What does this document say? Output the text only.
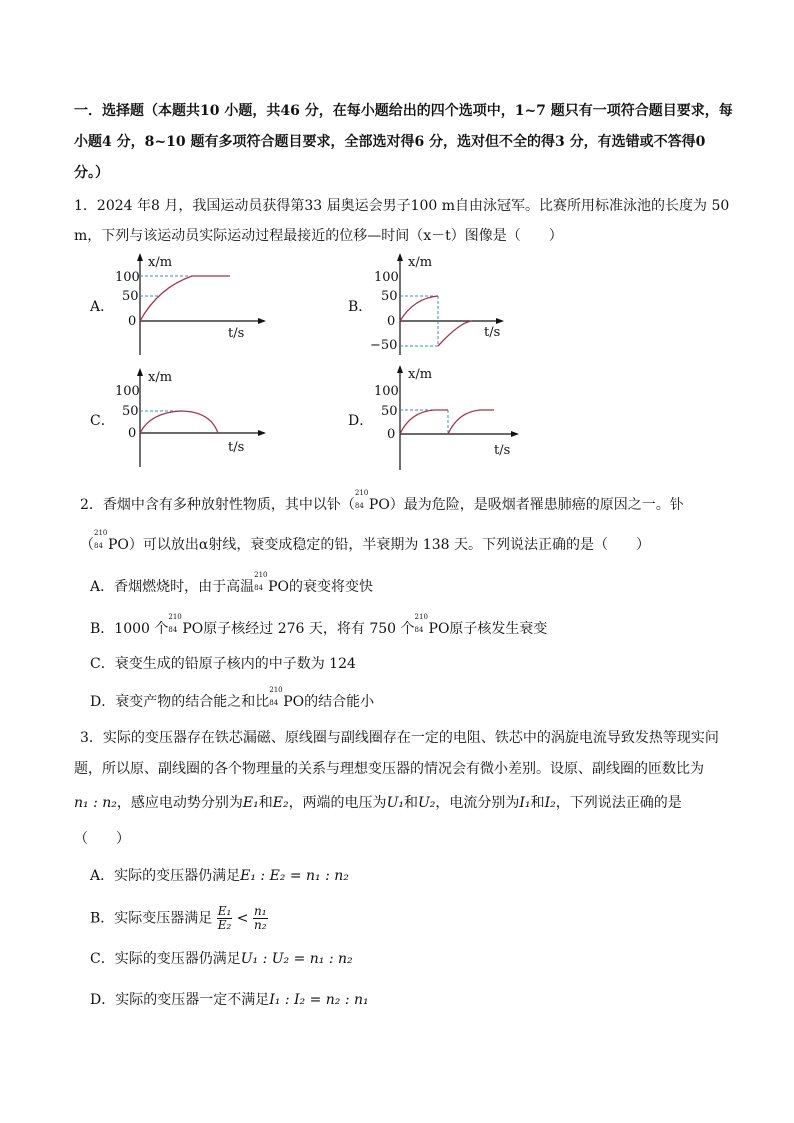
一．选择题（本题共10 小题，共46 分，在每小题给出的四个选项中，1~7 题只有一项符合题目要求，每
小题4 分，8~10 题有多项符合题目要求，全部选对得6 分，选对但不全的得3 分，有选错或不答得0
分。）
1．2024 年8 月，我国运动员获得第33 届奥运会男子100 m自由泳冠军。比赛所用标准泳池的长度为 50
m，下列与该运动员实际运动过程最接近的位移—时间（x－t）图像是（　　）
A．
x/m
t/s
100
50
0
B．
x/m
t/s
100
50
0
−50
C．
x/m
t/s
100
50
0
D．
x/m
t/s
100
50
0
2．香烟中含有多种放射性物质，其中以钋（
210
84 PO）最为危险，是吸烟者罹患肺癌的原因之一。钋
（
210
84 PO）可以放出α射线，衰变成稳定的铅，半衰期为 138 天。下列说法正确的是（　　）
A．香烟燃烧时，由于高温
210
84 PO的衰变将变快
B．1000 个
210
84 PO原子核经过 276 天，将有 750 个
210
84 PO原子核发生衰变
C．衰变生成的铅原子核内的中子数为 124
D．衰变产物的结合能之和比
210
84 PO的结合能小
3．实际的变压器存在铁芯漏磁、原线圈与副线圈存在一定的电阻、铁芯中的涡旋电流导致发热等现实问
题，所以原、副线圈的各个物理量的关系与理想变压器的情况会有微小差别。设原、副线圈的匝数比为
n₁ : n₂，感应电动势分别为E₁和E₂，两端的电压为U₁和U₂，电流分别为I₁和I₂，下列说法正确的是
（　　）
A．实际的变压器仍满足E₁ : E₂ = n₁ : n₂
B．实际变压器满足 $\frac{\text{E₁}}{\text{E₂}} < \frac{\text{n₁}}{\text{n₂}}$
C．实际的变压器仍满足U₁ : U₂ = n₁ : n₂
D．实际的变压器一定不满足I₁ : I₂ = n₂ : n₁
